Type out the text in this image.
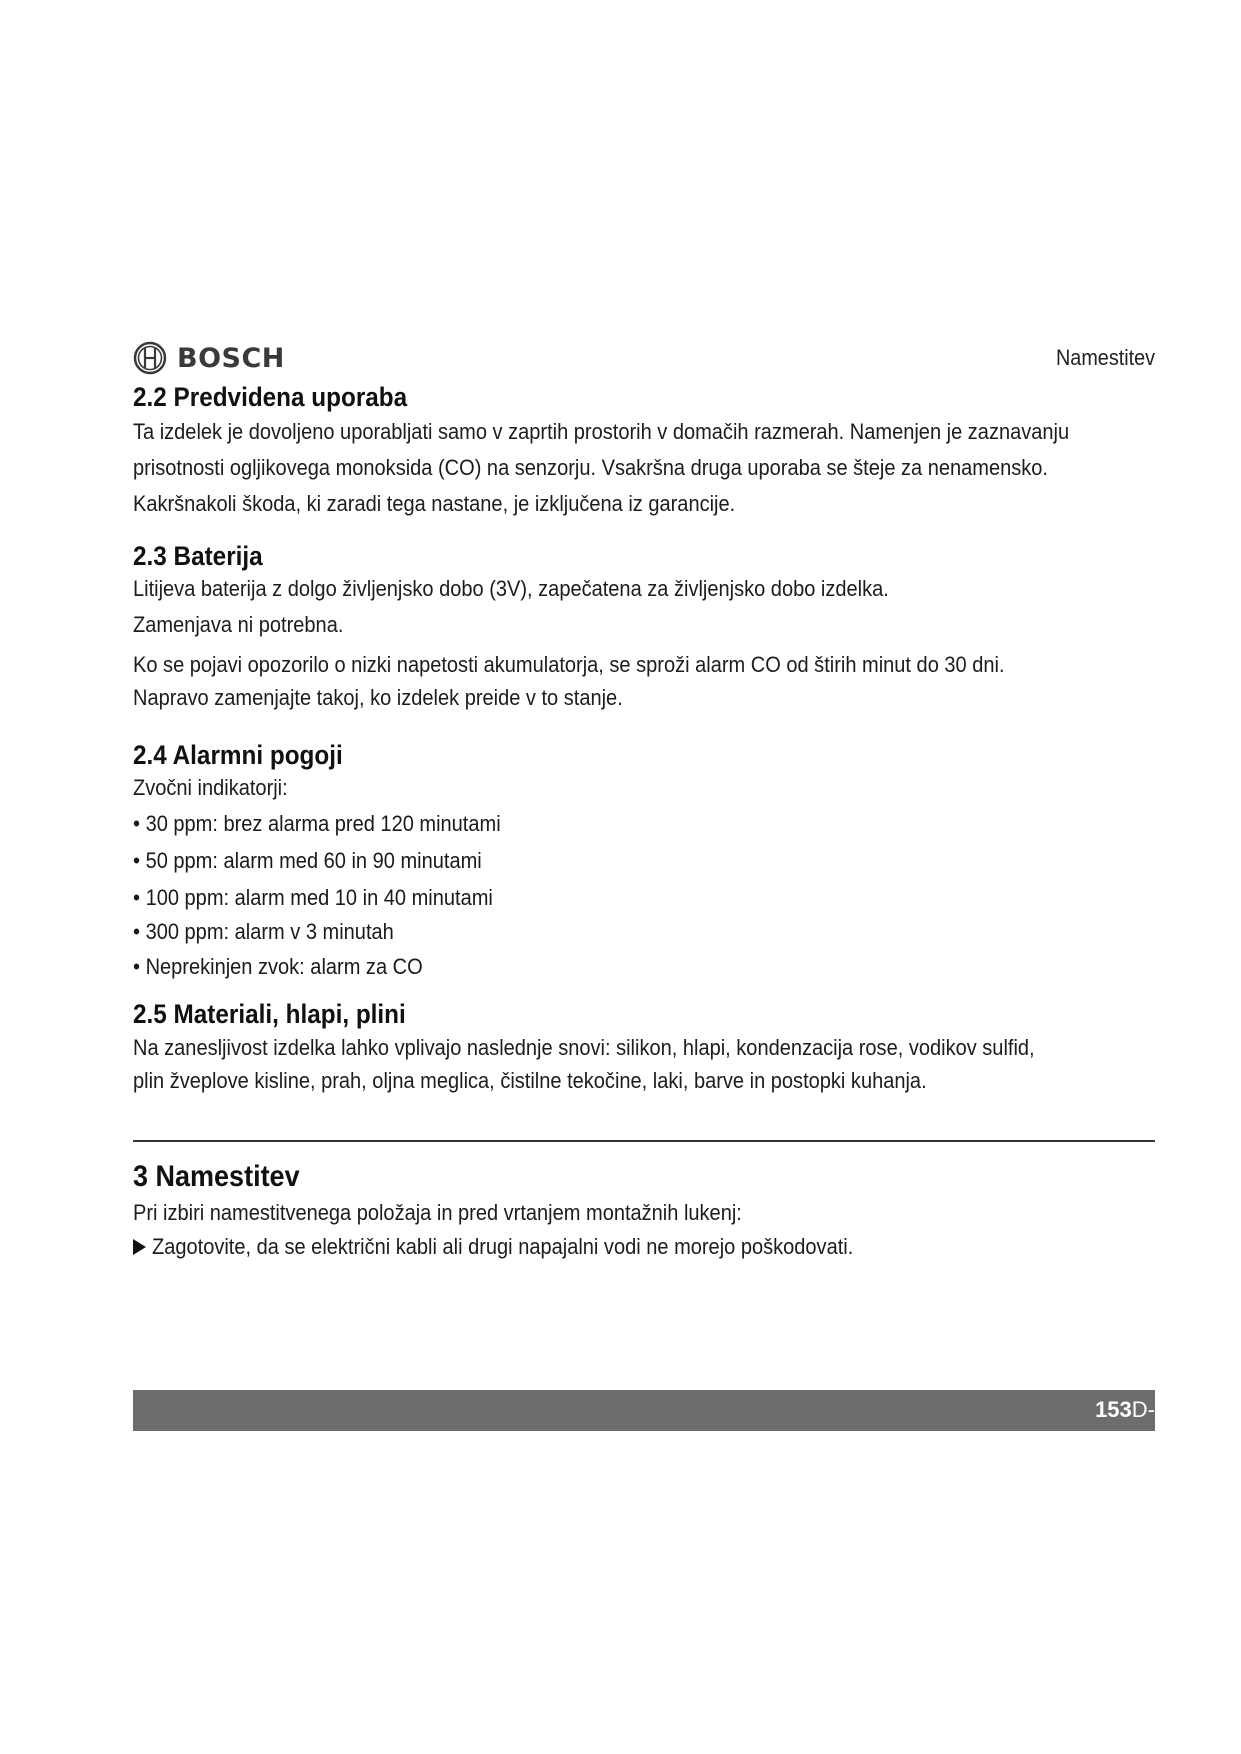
BOSCH	Namestitev
2.2 Predvidena uporaba
Ta izdelek je dovoljeno uporabljati samo v zaprtih prostorih v domačih razmerah. Namenjen je zaznavanju
prisotnosti ogljikovega monoksida (CO) na senzorju. Vsakršna druga uporaba se šteje za nenamensko.
Kakršnakoli škoda, ki zaradi tega nastane, je izključena iz garancije.
2.3 Baterija
Litijeva baterija z dolgo življenjsko dobo (3V), zapečatena za življenjsko dobo izdelka.
Zamenjava ni potrebna.
Ko se pojavi opozorilo o nizki napetosti akumulatorja, se sproži alarm CO od štirih minut do 30 dni.
Napravo zamenjajte takoj, ko izdelek preide v to stanje.
2.4 Alarmni pogoji
Zvočni indikatorji:
• 30 ppm: brez alarma pred 120 minutami
• 50 ppm: alarm med 60 in 90 minutami
• 100 ppm: alarm med 10 in 40 minutami
• 300 ppm: alarm v 3 minutah
• Neprekinjen zvok: alarm za CO
2.5 Materiali, hlapi, plini
Na zanesljivost izdelka lahko vplivajo naslednje snovi: silikon, hlapi, kondenzacija rose, vodikov sulfid,
plin žveplove kisline, prah, oljna meglica, čistilne tekočine, laki, barve in postopki kuhanja.
3 Namestitev
Pri izbiri namestitvenega položaja in pred vrtanjem montažnih lukenj:
Zagotovite, da se električni kabli ali drugi napajalni vodi ne morejo poškodovati.
153D-
